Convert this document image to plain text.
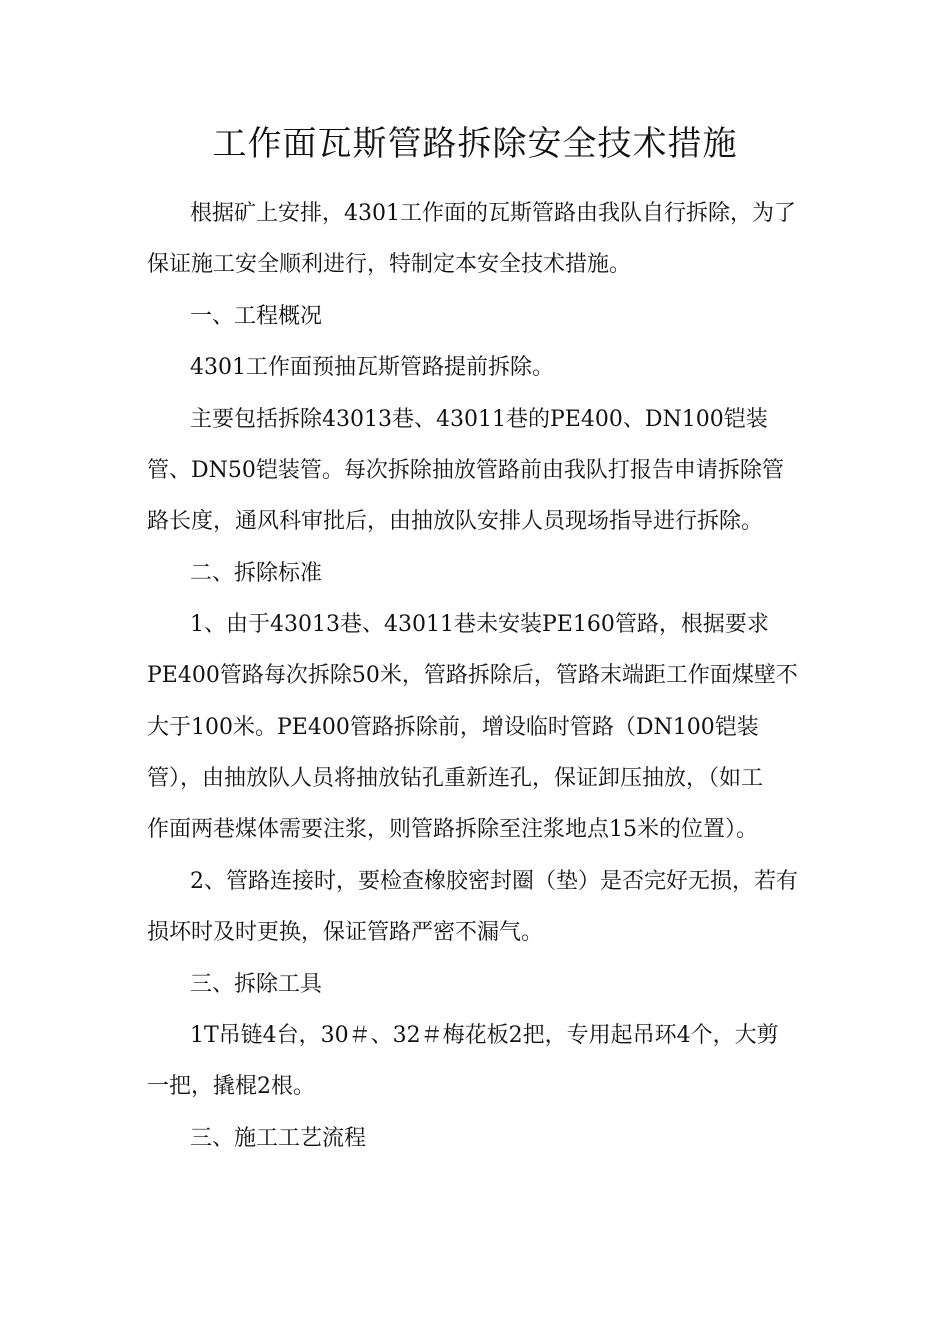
工作面瓦斯管路拆除安全技术措施
根据矿上安排，4301工作面的瓦斯管路由我队自行拆除，为了
保证施工安全顺利进行，特制定本安全技术措施。
一、工程概况
4301工作面预抽瓦斯管路提前拆除。
主要包括拆除43013巷、43011巷的PE400、DN100铠装
管、DN50铠装管。每次拆除抽放管路前由我队打报告申请拆除管
路长度，通风科审批后，由抽放队安排人员现场指导进行拆除。
二、拆除标准
1、由于43013巷、43011巷未安装PE160管路，根据要求
PE400管路每次拆除50米，管路拆除后，管路末端距工作面煤壁不
大于100米。PE400管路拆除前，增设临时管路（DN100铠装
管），由抽放队人员将抽放钻孔重新连孔，保证卸压抽放，（如工
作面两巷煤体需要注浆，则管路拆除至注浆地点15米的位置）。
2、管路连接时，要检查橡胶密封圈（垫）是否完好无损，若有
损坏时及时更换，保证管路严密不漏气。
三、拆除工具
1T吊链4台，30＃、32＃梅花板2把，专用起吊环4个，大剪
一把，撬棍2根。
三、施工工艺流程
